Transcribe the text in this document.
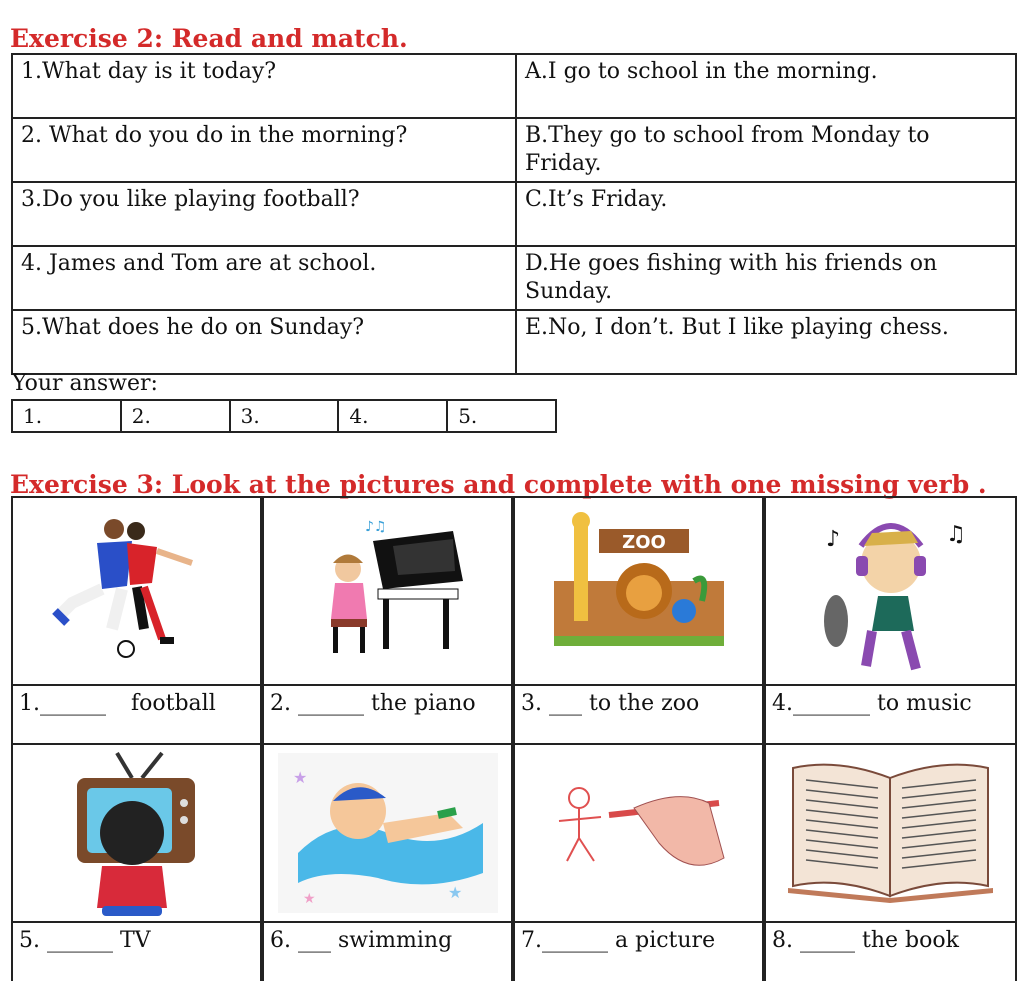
Exercise 2: Read and match.
1.What day is it today?	A.I go to school in the morning.
2. What do you do in the morning?	B.They go to school from Monday to Friday.
3.Do you like playing football?	C.It’s Friday.
4. James and Tom are at school.	D.He goes fishing with his friends on Sunday.
5.What does he do on Sunday?	E.No, I don’t. But I like playing chess.
Your answer:
1.	2.	3.	4.	5.
Exercise 3: Look at the pictures and complete with one missing verb .
♪♫
ZOO	♪	♫
1.______ football	2. ______ the piano	3. ___ to the zoo	4._______ to music
★
★	★
5. ______ TV	6. ___ swimming	7.______ a picture	8. _____ the book
